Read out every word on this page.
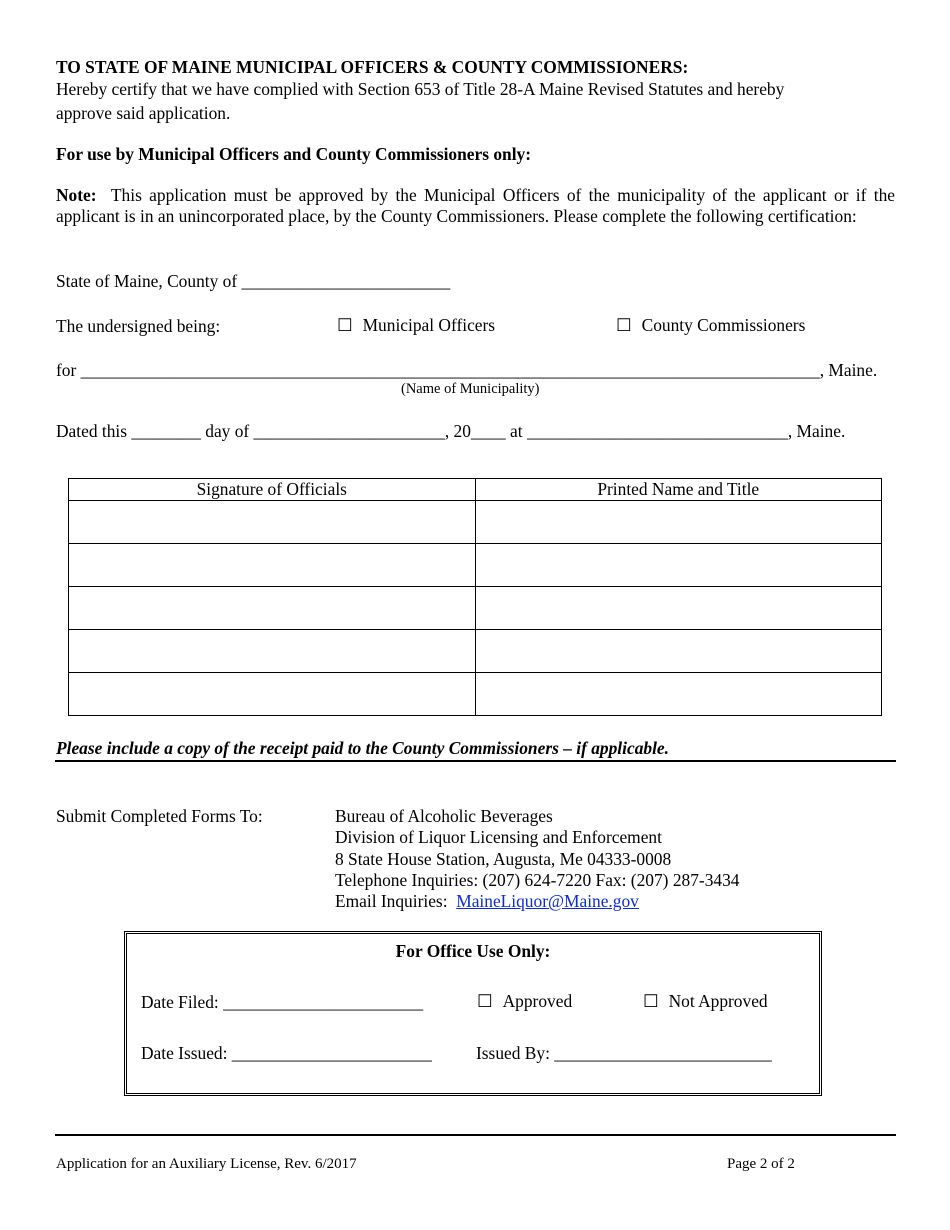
TO STATE OF MAINE MUNICIPAL OFFICERS & COUNTY COMMISSIONERS:
Hereby certify that we have complied with Section 653 of Title 28-A Maine Revised Statutes and hereby
approve said application.
For use by Municipal Officers and County Commissioners only:
Note: This application must be approved by the Municipal Officers of the municipality of the applicant or if the applicant is in an unincorporated place, by the County Commissioners. Please complete the following certification:
State of Maine, County of ________________________
The undersigned being:	☐ Municipal Officers	☐ County Commissioners
for _____________________________________________________________________________________, Maine.
(Name of Municipality)
Dated this ________ day of ______________________, 20____ at ______________________________, Maine.
Signature of Officials	Printed Name and Title

Please include a copy of the receipt paid to the County Commissioners – if applicable.
Submit Completed Forms To:	Bureau of Alcoholic Beverages
Division of Liquor Licensing and Enforcement
8 State House Station, Augusta, Me 04333-0008
Telephone Inquiries: (207) 624-7220 Fax: (207) 287-3434
Email Inquiries: MaineLiquor@Maine.gov
For Office Use Only:
Date Filed: _______________________	☐ Approved	☐ Not Approved
Date Issued: _______________________	Issued By: _________________________
Application for an Auxiliary License, Rev. 6/2017	Page 2 of 2
